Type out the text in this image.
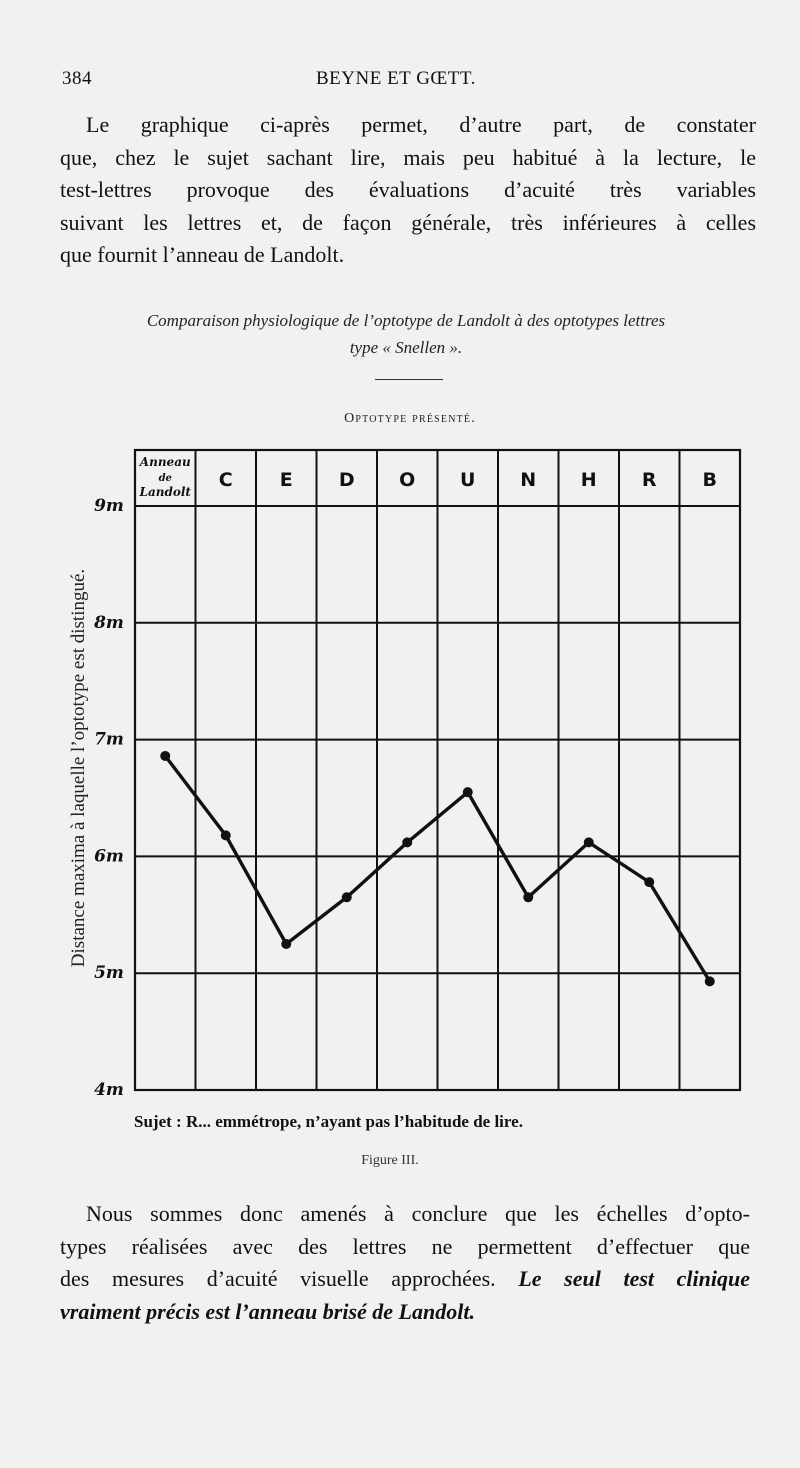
384	BEYNE ET GŒTT.
Le graphique ci-après permet, d’autre part, de constater
que, chez le sujet sachant lire, mais peu habitué à la lecture, le
test-lettres provoque des évaluations d’acuité très variables
suivant les lettres et, de façon générale, très inférieures à celles
que fournit l’anneau de Landolt.
Comparaison physiologique de l’optotype de Landolt à des optotypes lettres
type « Snellen ».
Optotype présenté.
Distance maxima à laquelle l’optotype est distingué.
4m
5m
6m
7m
8m
9m
Anneau
de
Landolt
C E D O U N H R B
Sujet : R... emmétrope, n’ayant pas l’habitude de lire.
Figure III.
Nous sommes donc amenés à conclure que les échelles d’opto-
types réalisées avec des lettres ne permettent d’effectuer que
des mesures d’acuité visuelle approchées. Le seul test clinique
vraiment précis est l’anneau brisé de Landolt.
